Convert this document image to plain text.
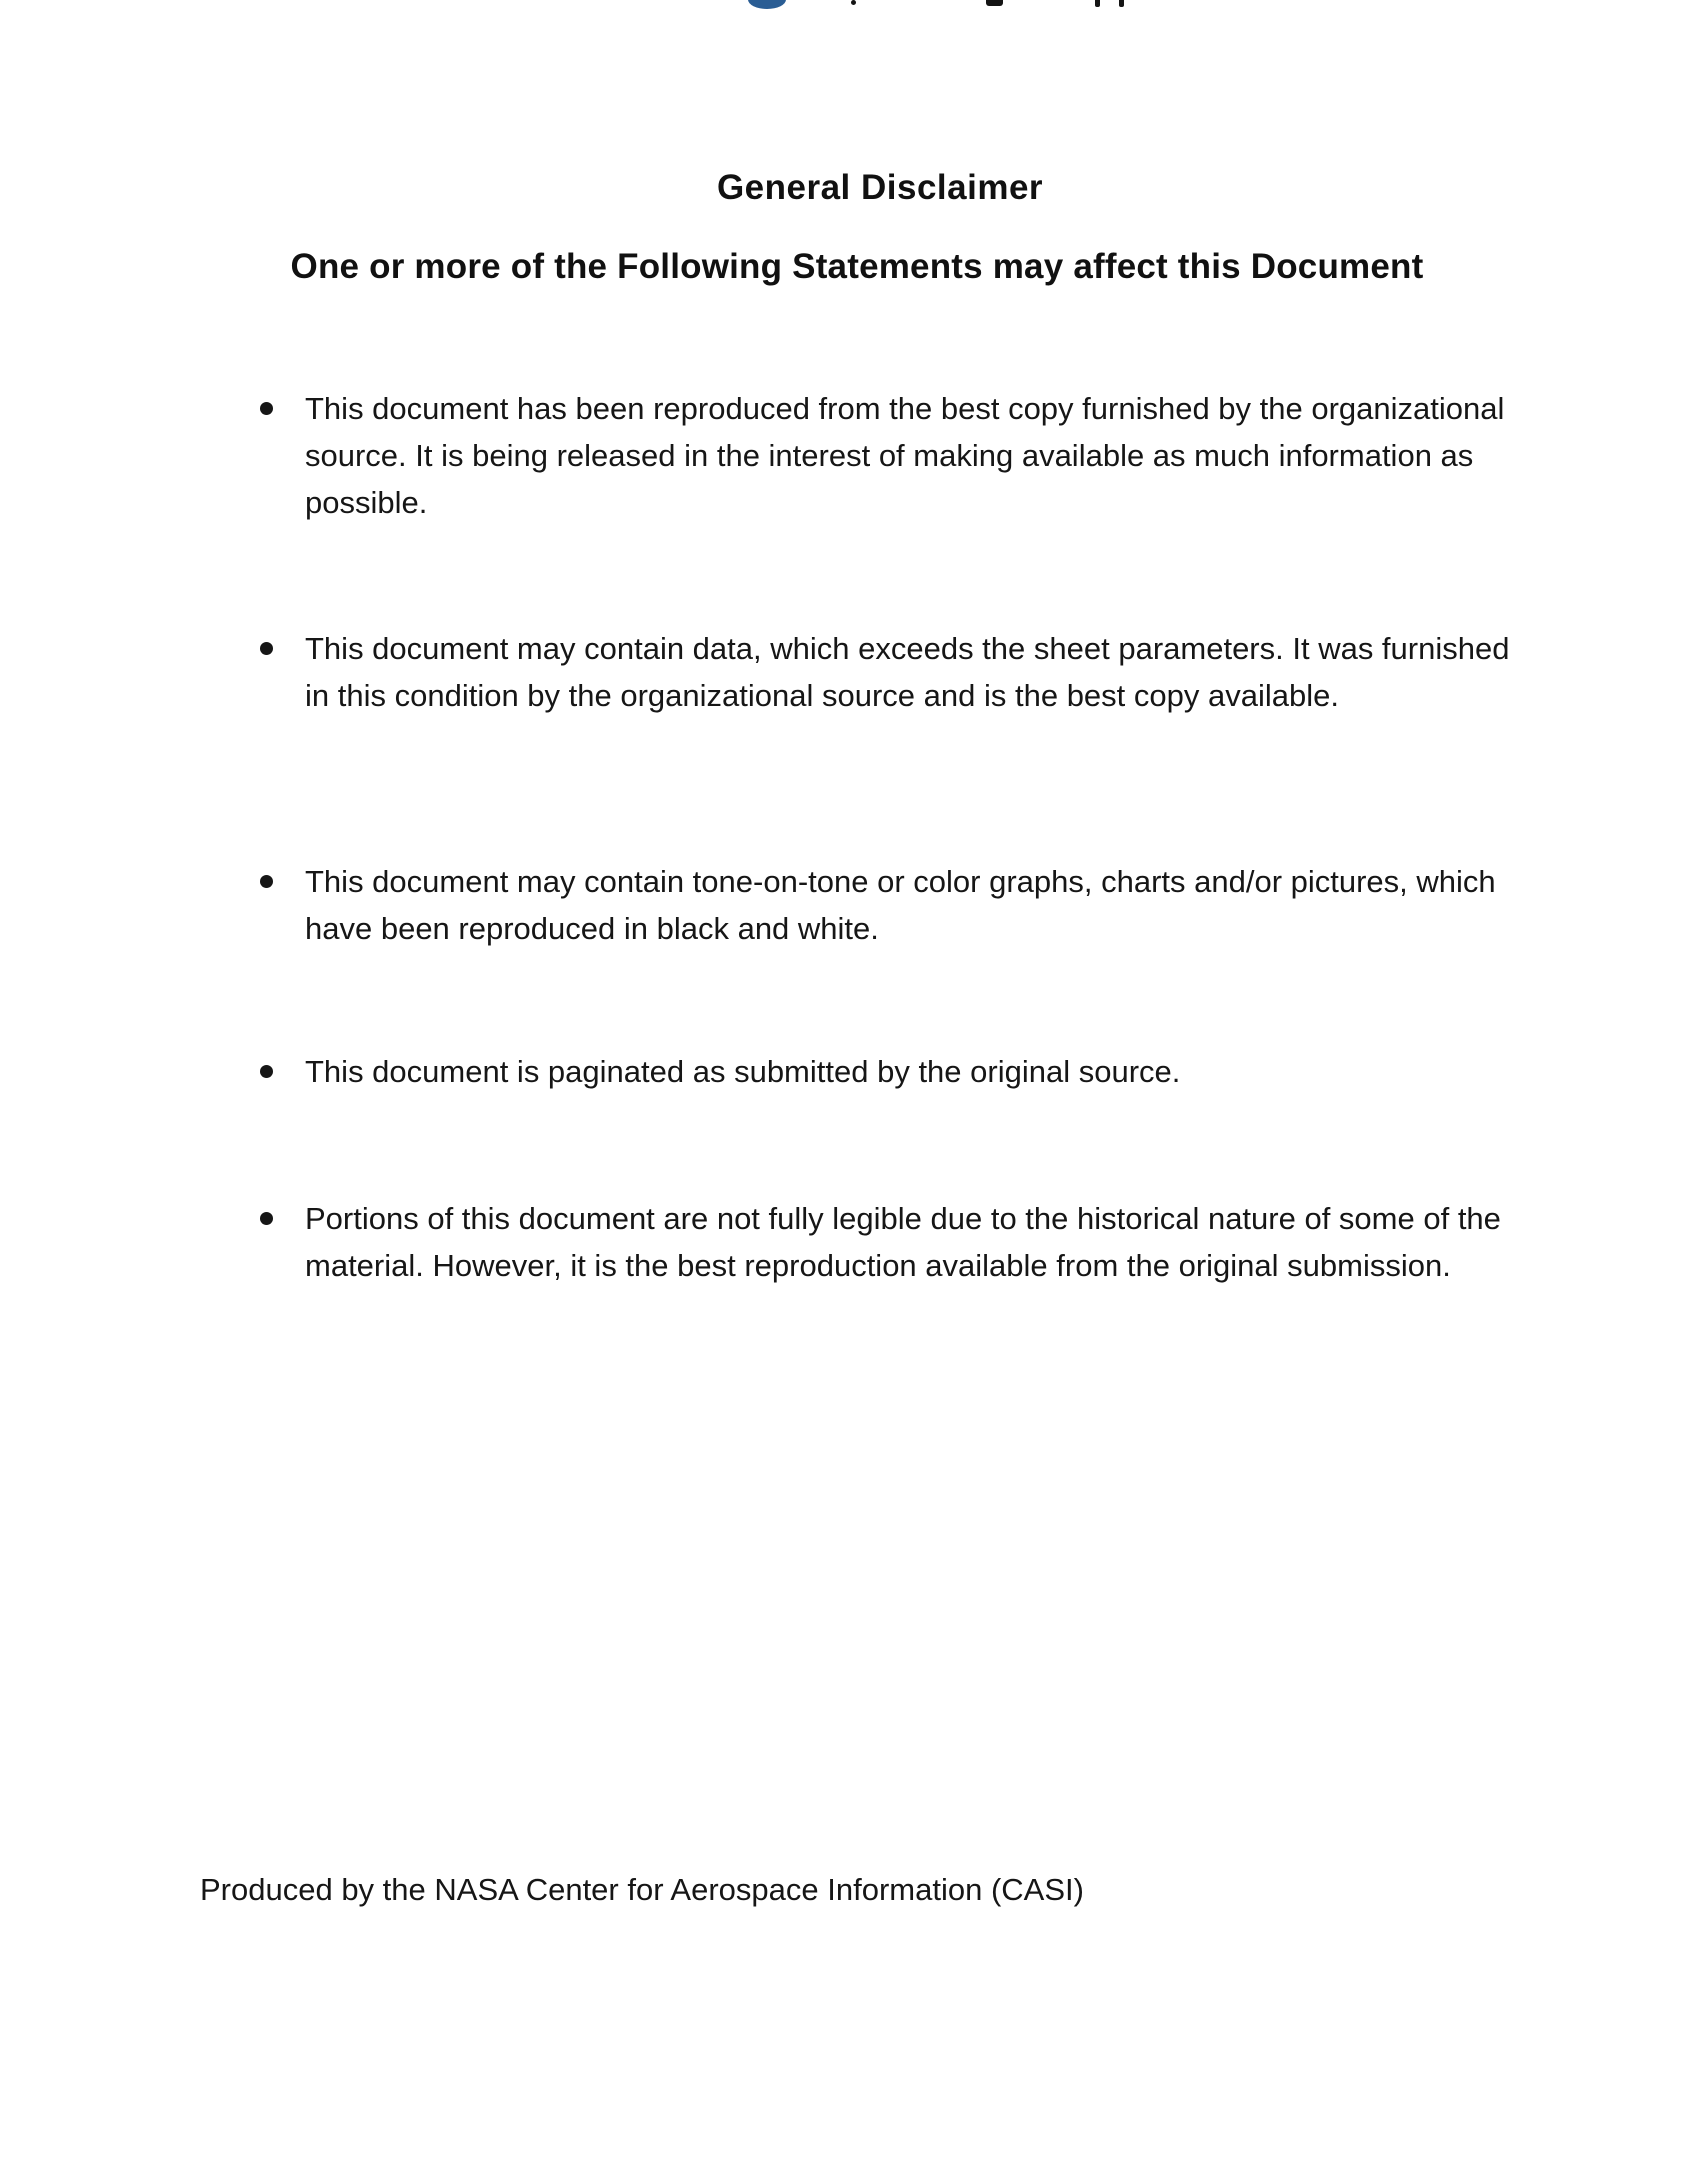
General Disclaimer
One or more of the Following Statements may affect this Document

This document has been reproduced from the best copy furnished by the organizational source. It is being released in the interest of making available as much information as possible.

This document may contain data, which exceeds the sheet parameters. It was furnished in this condition by the organizational source and is the best copy available.

This document may contain tone-on-tone or color graphs, charts and/or pictures, which have been reproduced in black and white.

This document is paginated as submitted by the original source.

Portions of this document are not fully legible due to the historical nature of some of the material. However, it is the best reproduction available from the original submission.

Produced by the NASA Center for Aerospace Information (CASI)
